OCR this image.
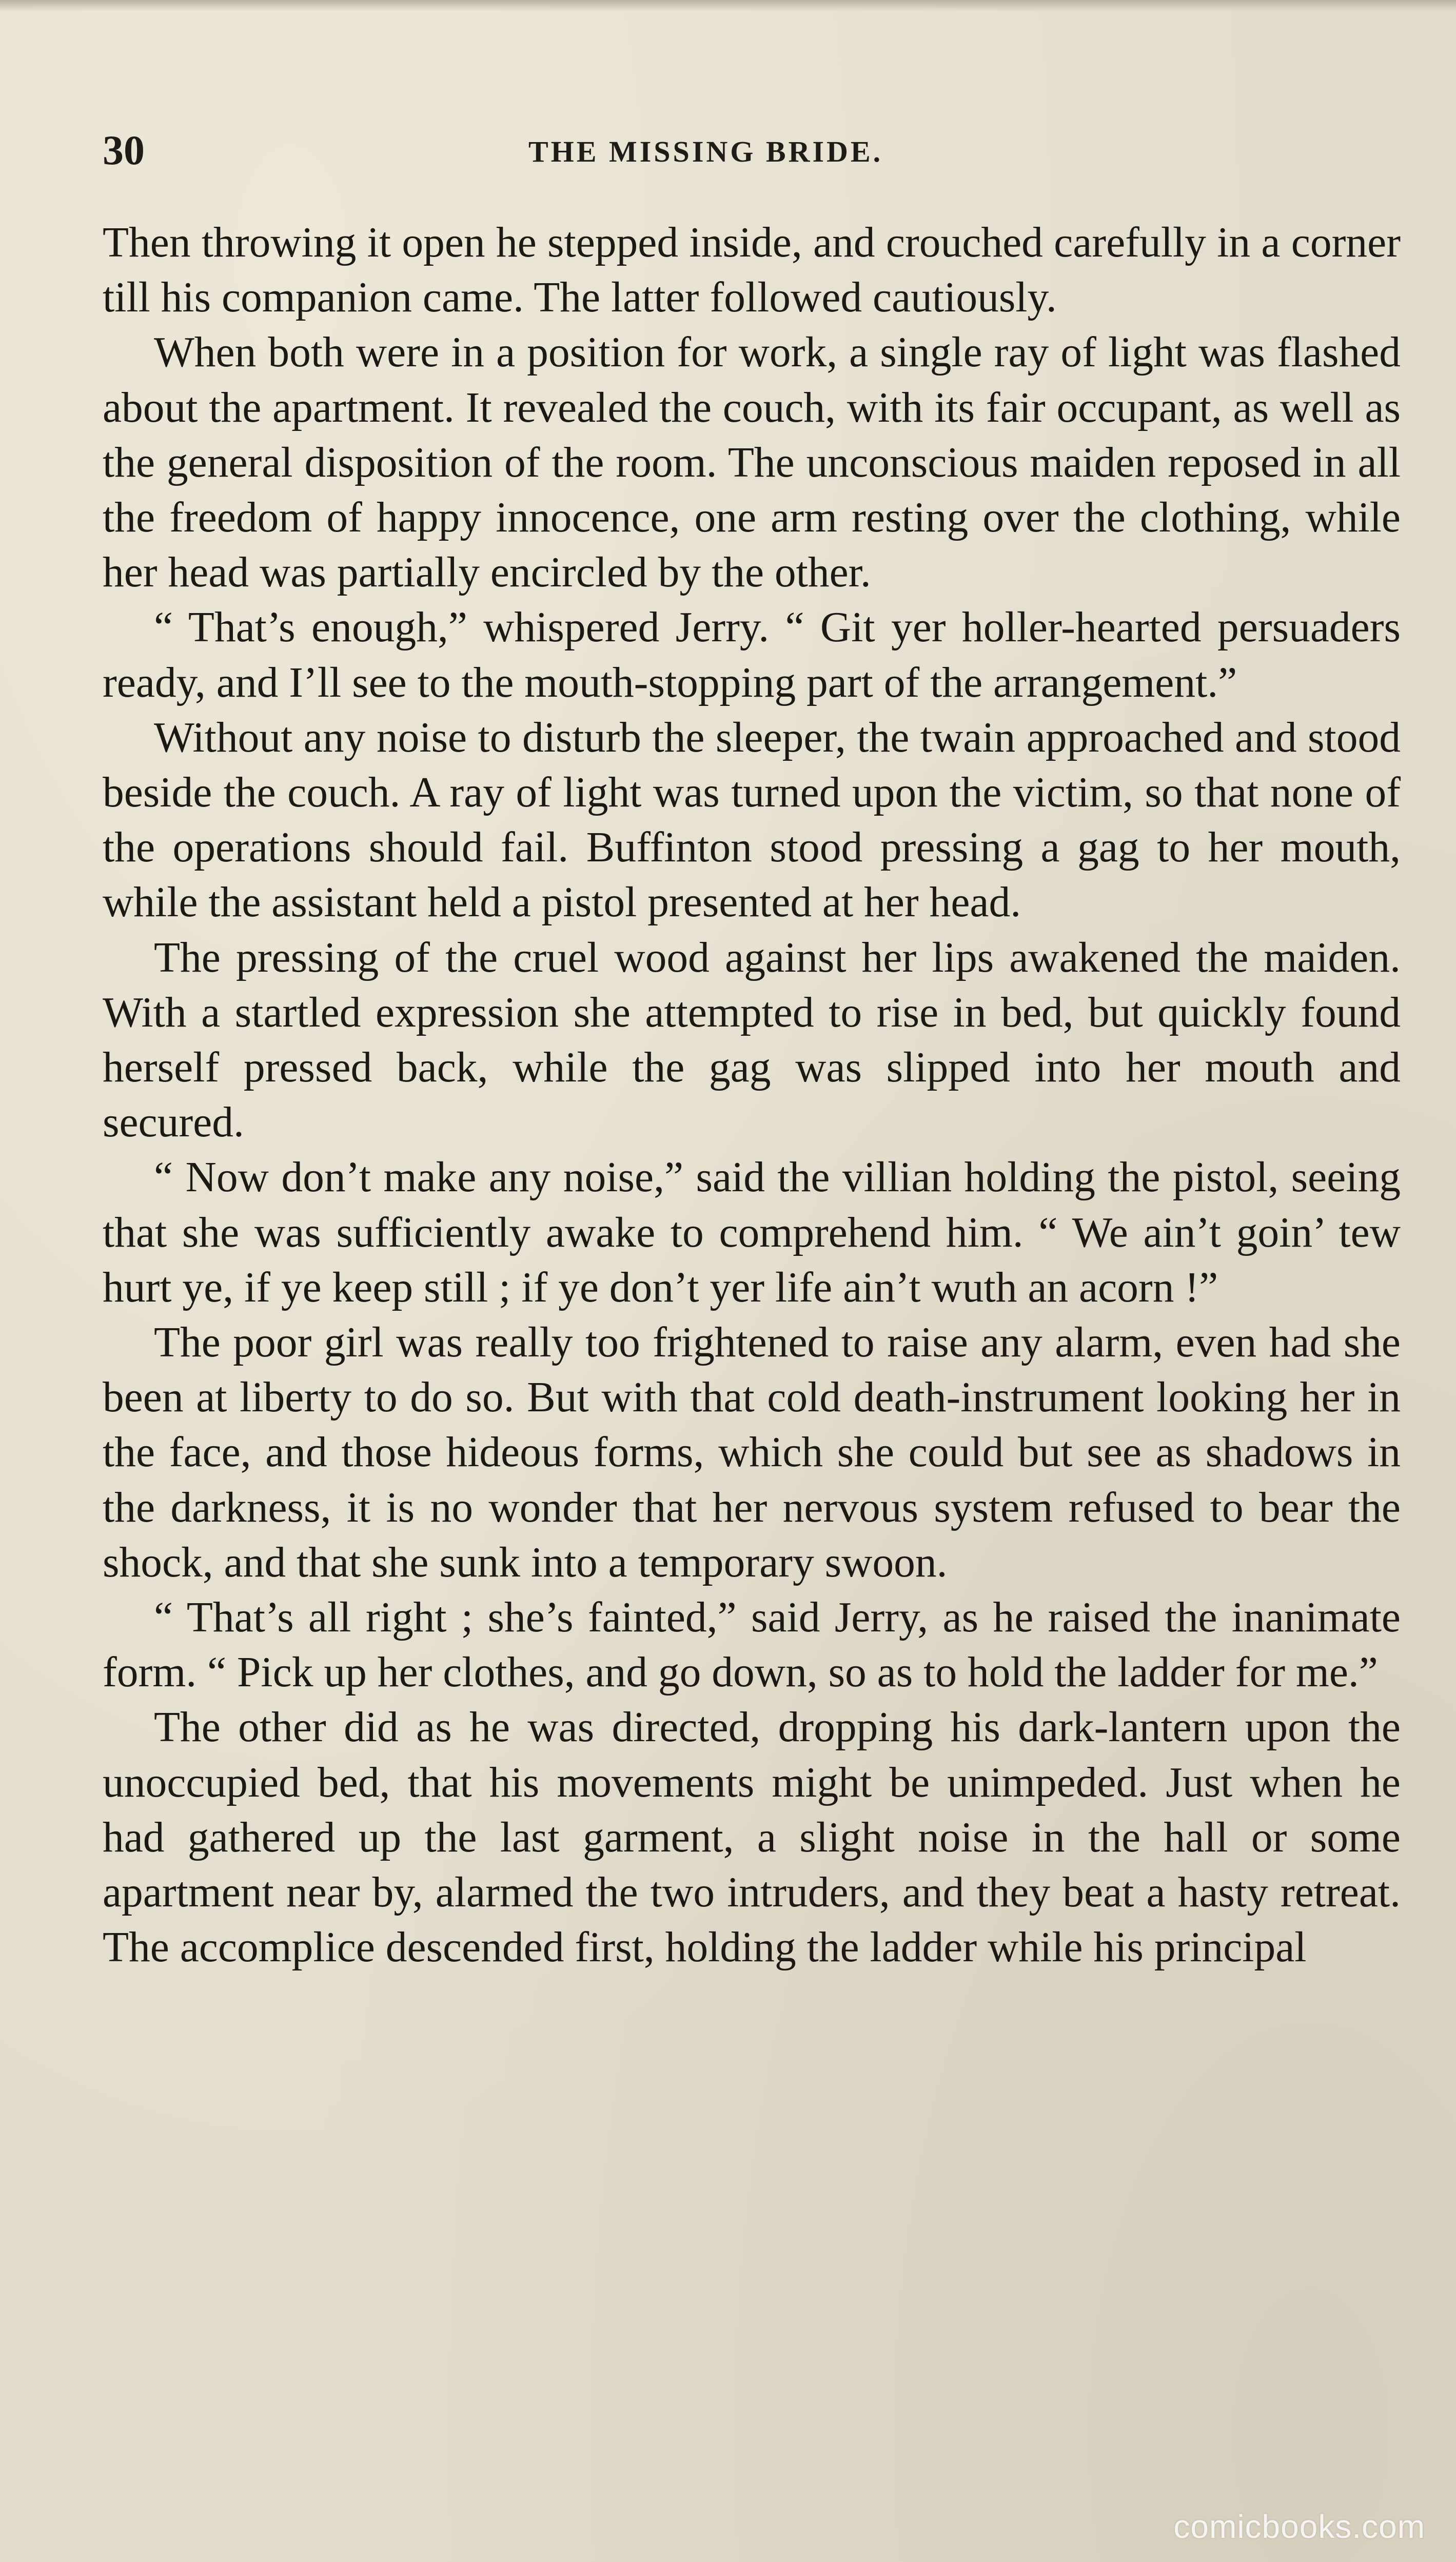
30	THE MISSING BRIDE.

Then throwing it open he stepped inside, and crouched carefully in a corner till his companion came. The latter followed cautiously.

When both were in a position for work, a single ray of light was flashed about the apartment. It revealed the couch, with its fair occupant, as well as the general disposition of the room. The unconscious maiden reposed in all the freedom of happy innocence, one arm resting over the clothing, while her head was partially encircled by the other.

“ That’s enough,” whispered Jerry. “ Git yer holler-hearted persuaders ready, and I’ll see to the mouth-stopping part of the arrangement.”

Without any noise to disturb the sleeper, the twain approached and stood beside the couch. A ray of light was turned upon the victim, so that none of the operations should fail. Buffinton stood pressing a gag to her mouth, while the assistant held a pistol presented at her head.

The pressing of the cruel wood against her lips awakened the maiden. With a startled expression she attempted to rise in bed, but quickly found herself pressed back, while the gag was slipped into her mouth and secured.

“ Now don’t make any noise,” said the villian holding the pistol, seeing that she was sufficiently awake to comprehend him. “ We ain’t goin’ tew hurt ye, if ye keep still ; if ye don’t yer life ain’t wuth an acorn !”

The poor girl was really too frightened to raise any alarm, even had she been at liberty to do so. But with that cold death-instrument looking her in the face, and those hideous forms, which she could but see as shadows in the darkness, it is no wonder that her nervous system refused to bear the shock, and that she sunk into a temporary swoon.

“ That’s all right ; she’s fainted,” said Jerry, as he raised the inanimate form. “ Pick up her clothes, and go down, so as to hold the ladder for me.”

The other did as he was directed, dropping his dark-lantern upon the unoccupied bed, that his movements might be unimpeded. Just when he had gathered up the last garment, a slight noise in the hall or some apartment near by, alarmed the two intruders, and they beat a hasty retreat. The accomplice descended first, holding the ladder while his principal

comicbooks.com
